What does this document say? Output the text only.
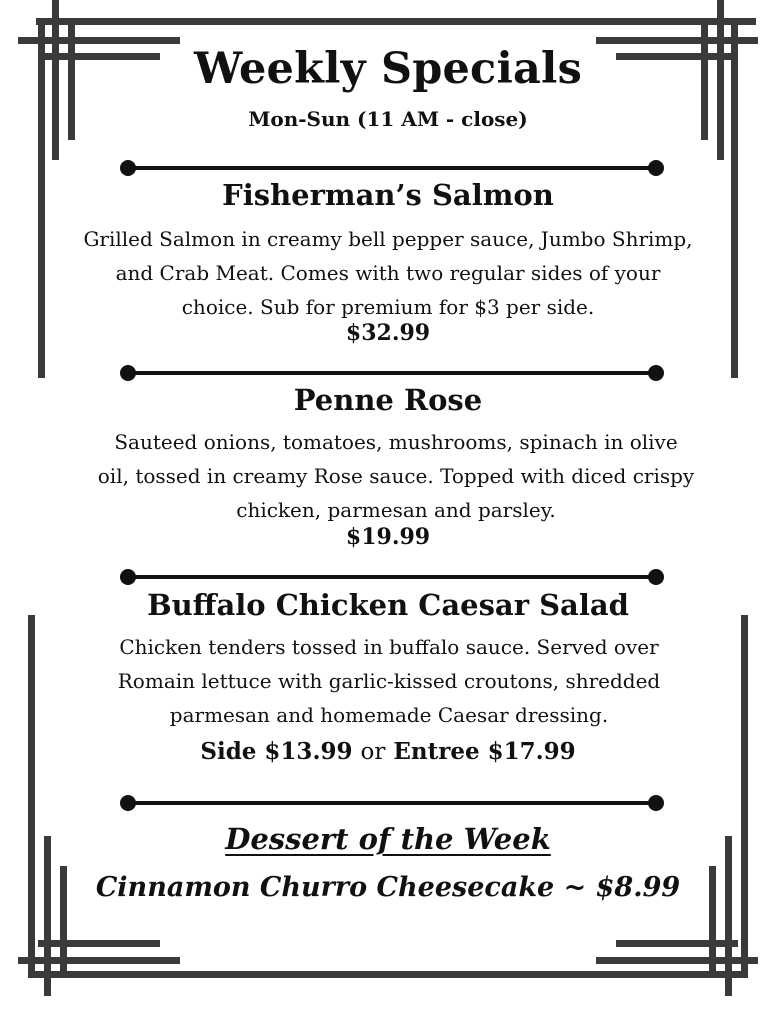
Weekly Specials
Mon-Sun (11 AM - close)
Fisherman’s Salmon
Grilled Salmon in creamy bell pepper sauce, Jumbo Shrimp, and Crab Meat. Comes with two regular sides of your choice. Sub for premium for $3 per side.
$32.99
Penne Rose
Sauteed onions, tomatoes, mushrooms, spinach in olive oil, tossed in creamy Rose sauce. Topped with diced crispy chicken, parmesan and parsley.
$19.99
Buffalo Chicken Caesar Salad
Chicken tenders tossed in buffalo sauce. Served over Romain lettuce with garlic-kissed croutons, shredded parmesan and homemade Caesar dressing.
Side $13.99 or Entree $17.99
Dessert of the Week
Cinnamon Churro Cheesecake ~ $8.99
